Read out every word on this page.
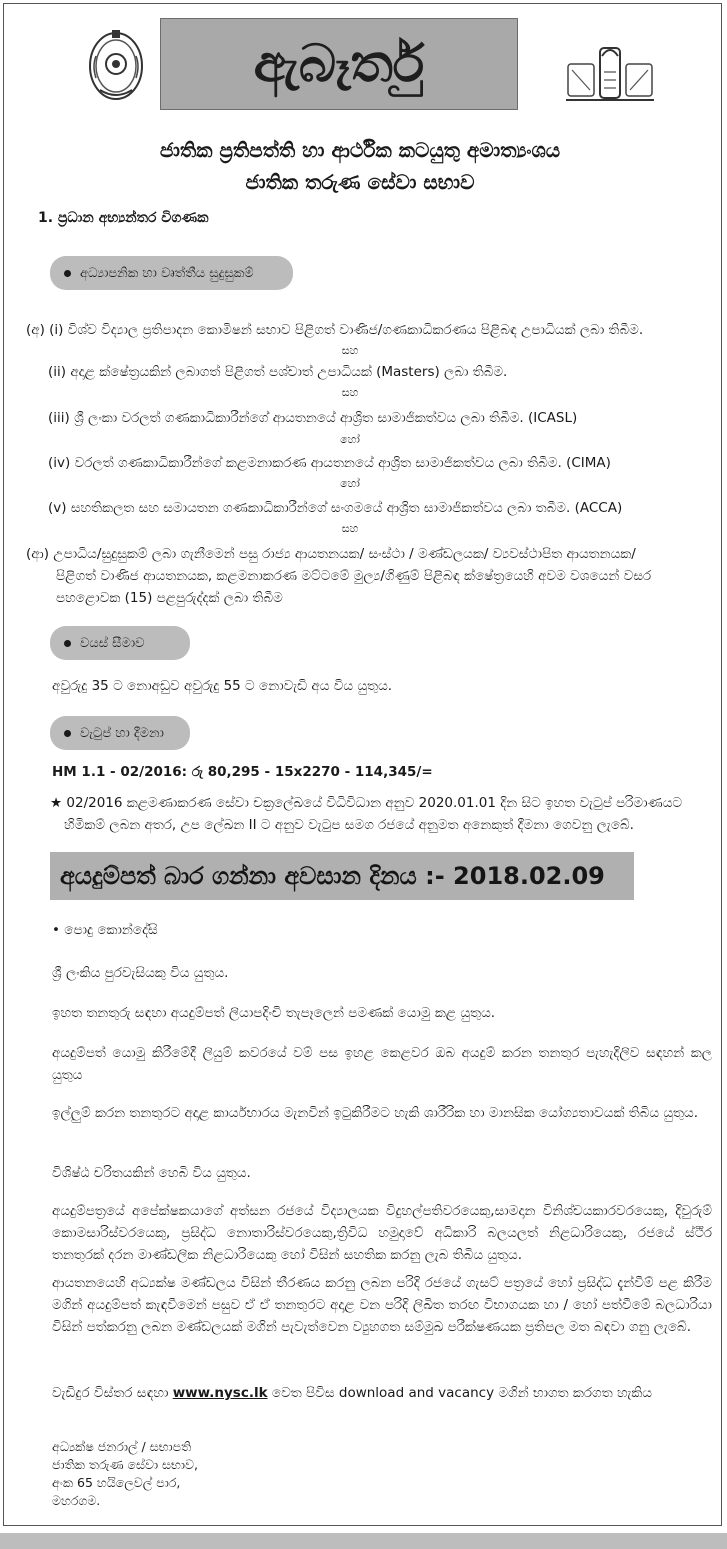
ඇබෑර්තු
ජාතික ප්‍රතිපත්ති හා ආර්ථික කටයුතු අමාත්‍යංශය
ජාතික තරුණ සේවා සභාව
1. ප්‍රධාන අභ්‍යන්තර විගණක
අධ්‍යාපනික හා වෘත්තීය සුදුසුකම්
(අ) (i) විශ්ව විද්‍යාල ප්‍රතිපාදන කොමිෂන් සභාව පිළිගත් වාණිජ/ගණකාධිකරණය පිළිබඳ උපාධියක් ලබා තිබීම.
සහ
(ii) අදාළ ක්ෂේත්‍රයකින් ලබාගත් පිළිගත් පශ්චාත් උපාධියක් (Masters) ලබා තිබීම.
සහ
(iii) ශ්‍රී ලංකා වරලත් ගණකාධිකාරීන්ගේ ආයතනයේ ආශ්‍රිත සාමාජිකත්වය ලබා තිබීම. (ICASL)
හෝ
(iv) වරලත් ගණකාධිකාරීන්ගේ කළමනාකරණ ආයතනයේ ආශ්‍රිත සාමාජිකත්වය ලබා තිබීම. (CIMA)
හෝ
(v) සහතිකලත සහ සමායතන ගණකාධිකාරීන්ගේ සංගමයේ ආශ්‍රිත සාමාජිකත්වය ලබා තබීම. (ACCA)
සහ
(ආ) උපාධිය/සුදුසුකම් ලබා ගැනීමෙන් පසු රාජ්‍ය ආයතනයක/ සංස්ථා / මණ්ඩලයක/ ව්‍යවස්ථාපිත ආයතනයක/
පිළිගත් වාණිජ ආයතනයක, කළමනාකරණ මට්ටමේ මුල්‍ය/ගිණුම් පිළිබඳ ක්ෂේත්‍රයෙහි අවම වශයෙන් වසර
පහළොවක (15) පළපුරුද්දක් ලබා තිබීම
වයස් සීමාව
අවුරුදු 35 ට නොඅඩුව අවුරුදු 55 ට නොවැඩි අය විය යුතුය.
වැටුප් හා දීමනා
HM 1.1 - 02/2016: රු 80,295 - 15x2270 - 114,345/=
★ 02/2016 කළමණාකරණ සේවා චක්‍රලේඛයේ විධිවිධාන අනුව 2020.01.01 දින සිට ඉහත වැටුප් පරිමාණයට
හිමිකම් ලබන අතර, උප ලේඛන II ට අනුව වැටුප සමග රජයේ අනුමත අනෙකුත් දීමනා ගෙවනු ලැබේ.
අයදුම්පත් බාර ගන්නා අවසාන දිනය :- 2018.02.09
• පොදු කොන්දේසි
ශ්‍රී ලංකිය පුරවැසියකු විය යුතුය.
ඉහත තනතුරු සඳහා අයදුම්පත් ලියාපදිංචි තැපෑලෙන් පමණක් යොමු කළ යුතුය.
අයදුම්පත් යොමු කිරීමේදී ලියුම් කවරයේ වම් පස ඉහළ කෙළවර ඔබ අයදුම් කරන තනතුර පැහැදිලිව සඳහන් කල යුතුය
ඉල්ලුම් කරන තනතුරට අදාළ කාර්යභාරය මැනවින් ඉටුකිරීමට හැකි ශාරීරික හා මානසික යෝග්‍යතාවයක් තිබිය යුතුය.
විශිෂ්ඨ චරිතයකින් හෙබි විය යුතුය.
අයදුම්පත්‍රයේ අපේක්ෂකයාගේ අත්සන රජයේ විද්‍යාලයක විදුහල්පතිවරයෙකු,සාමදාන විනිශ්චයකාරවරයෙකු, දිවුරුම් කොමසාරිස්වරයෙකු, ප්‍රසිද්ධ නොතාරිස්වරයෙකු,ත්‍රිවිධ හමුදාවේ අධිකාරි බලයලත් නිළධාරියෙකු, රජයේ ස්ථිර තනතුරක් දරන මාණ්ඩලික නිළධාරියෙකු හෝ විසින් සහතික කරනු ලැබ තිබිය යුතුය.
ආයතනයෙහි අධ්‍යක්ෂ මණ්ඩලය විසින් තීරණය කරනු ලබන පරිදි රජයේ ගැසට් පත්‍රයේ හෝ ප්‍රසිද්ධ දැන්වීම් පළ කිරීම මගින් අයදුම්පත් කැඳවීමෙන් පසුව ඒ ඒ තනතුරට අදාළ වන පරිදි ලිඛිත තරඟ විභාගයක හා / හෝ පත්වීමේ බලධාරියා විසින් පත්කරනු ලබන මණ්ඩලයක් මගින් පැවැත්වෙන ව්‍යුහගත සම්මුඛ පරීක්ෂණයක ප්‍රතිපල මත බඳවා ගනු ලැබේ.
වැඩිදුර විස්තර සඳහා www.nysc.lk වෙත පිවිස download and vacancy මගින් භාගත කරගත හැකිය
අධ්‍යක්ෂ ජනරාල් / සභාපති
ජාතික තරුණ සේවා සභාව,
අංක 65 හයිලෙවල් පාර,
මහරගම.
